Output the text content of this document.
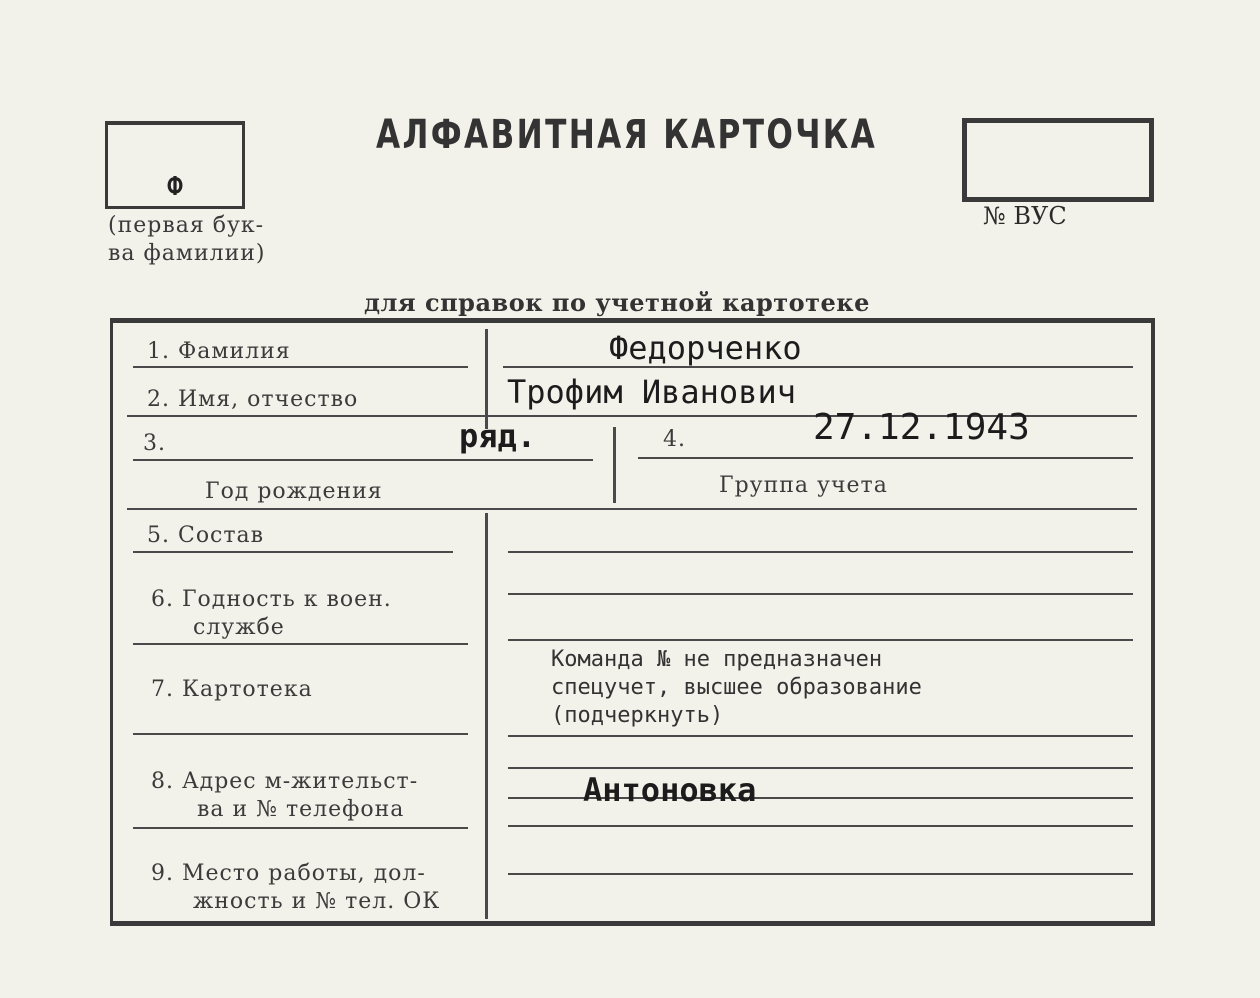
АЛФАВИТНАЯ КАРТОЧКА
Ф
(первая бук-
ва фамилии)
№ ВУС
для справок по учетной картотеке
1. Фамилия
2. Имя, отчество
3.
Год рождения
4.
Группа учета
5. Состав
6. Годность к воен.
службе
7. Картотека
8. Адрес м-жительст-
ва и № телефона
9. Место работы, дол-
жность и № тел. ОК
Федорченко
Трофим Иванович
ряд.	27.12.1943
Команда № не предназначен
спецучет, высшее образование
(подчеркнуть)
Антоновка
